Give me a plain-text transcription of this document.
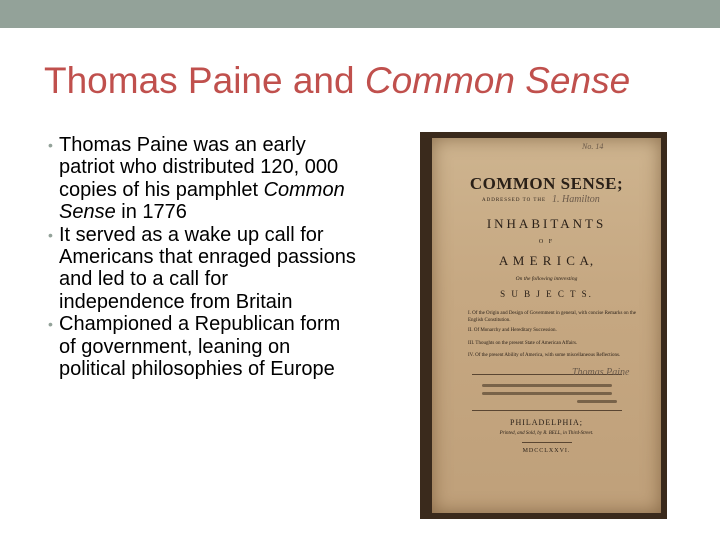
Thomas Paine and Common Sense
• Thomas Paine was an early patriot who distributed 120, 000 copies of his pamphlet Common Sense in 1776
• It served as a wake up call for Americans that enraged passions and led to a call for independence from Britain
• Championed a Republican form of government, leaning on political philosophies of Europe
No. 14
COMMON SENSE;
ADDRESSED TO THE 1. Hamilton
INHABITANTS
O F
A M E R I C A,
On the following interesting
S U B J E C T S.
I. Of the Origin and Design of Government in general, with concise Remarks on the English Constitution.
II. Of Monarchy and Hereditary Succession.
III. Thoughts on the present State of American Affairs.
IV. Of the present Ability of America, with some miscellaneous Reflections.
Thomas Paine
PHILADELPHIA;
Printed, and Sold, by R. BELL, in Third-Street.
MDCCLXXVI.
